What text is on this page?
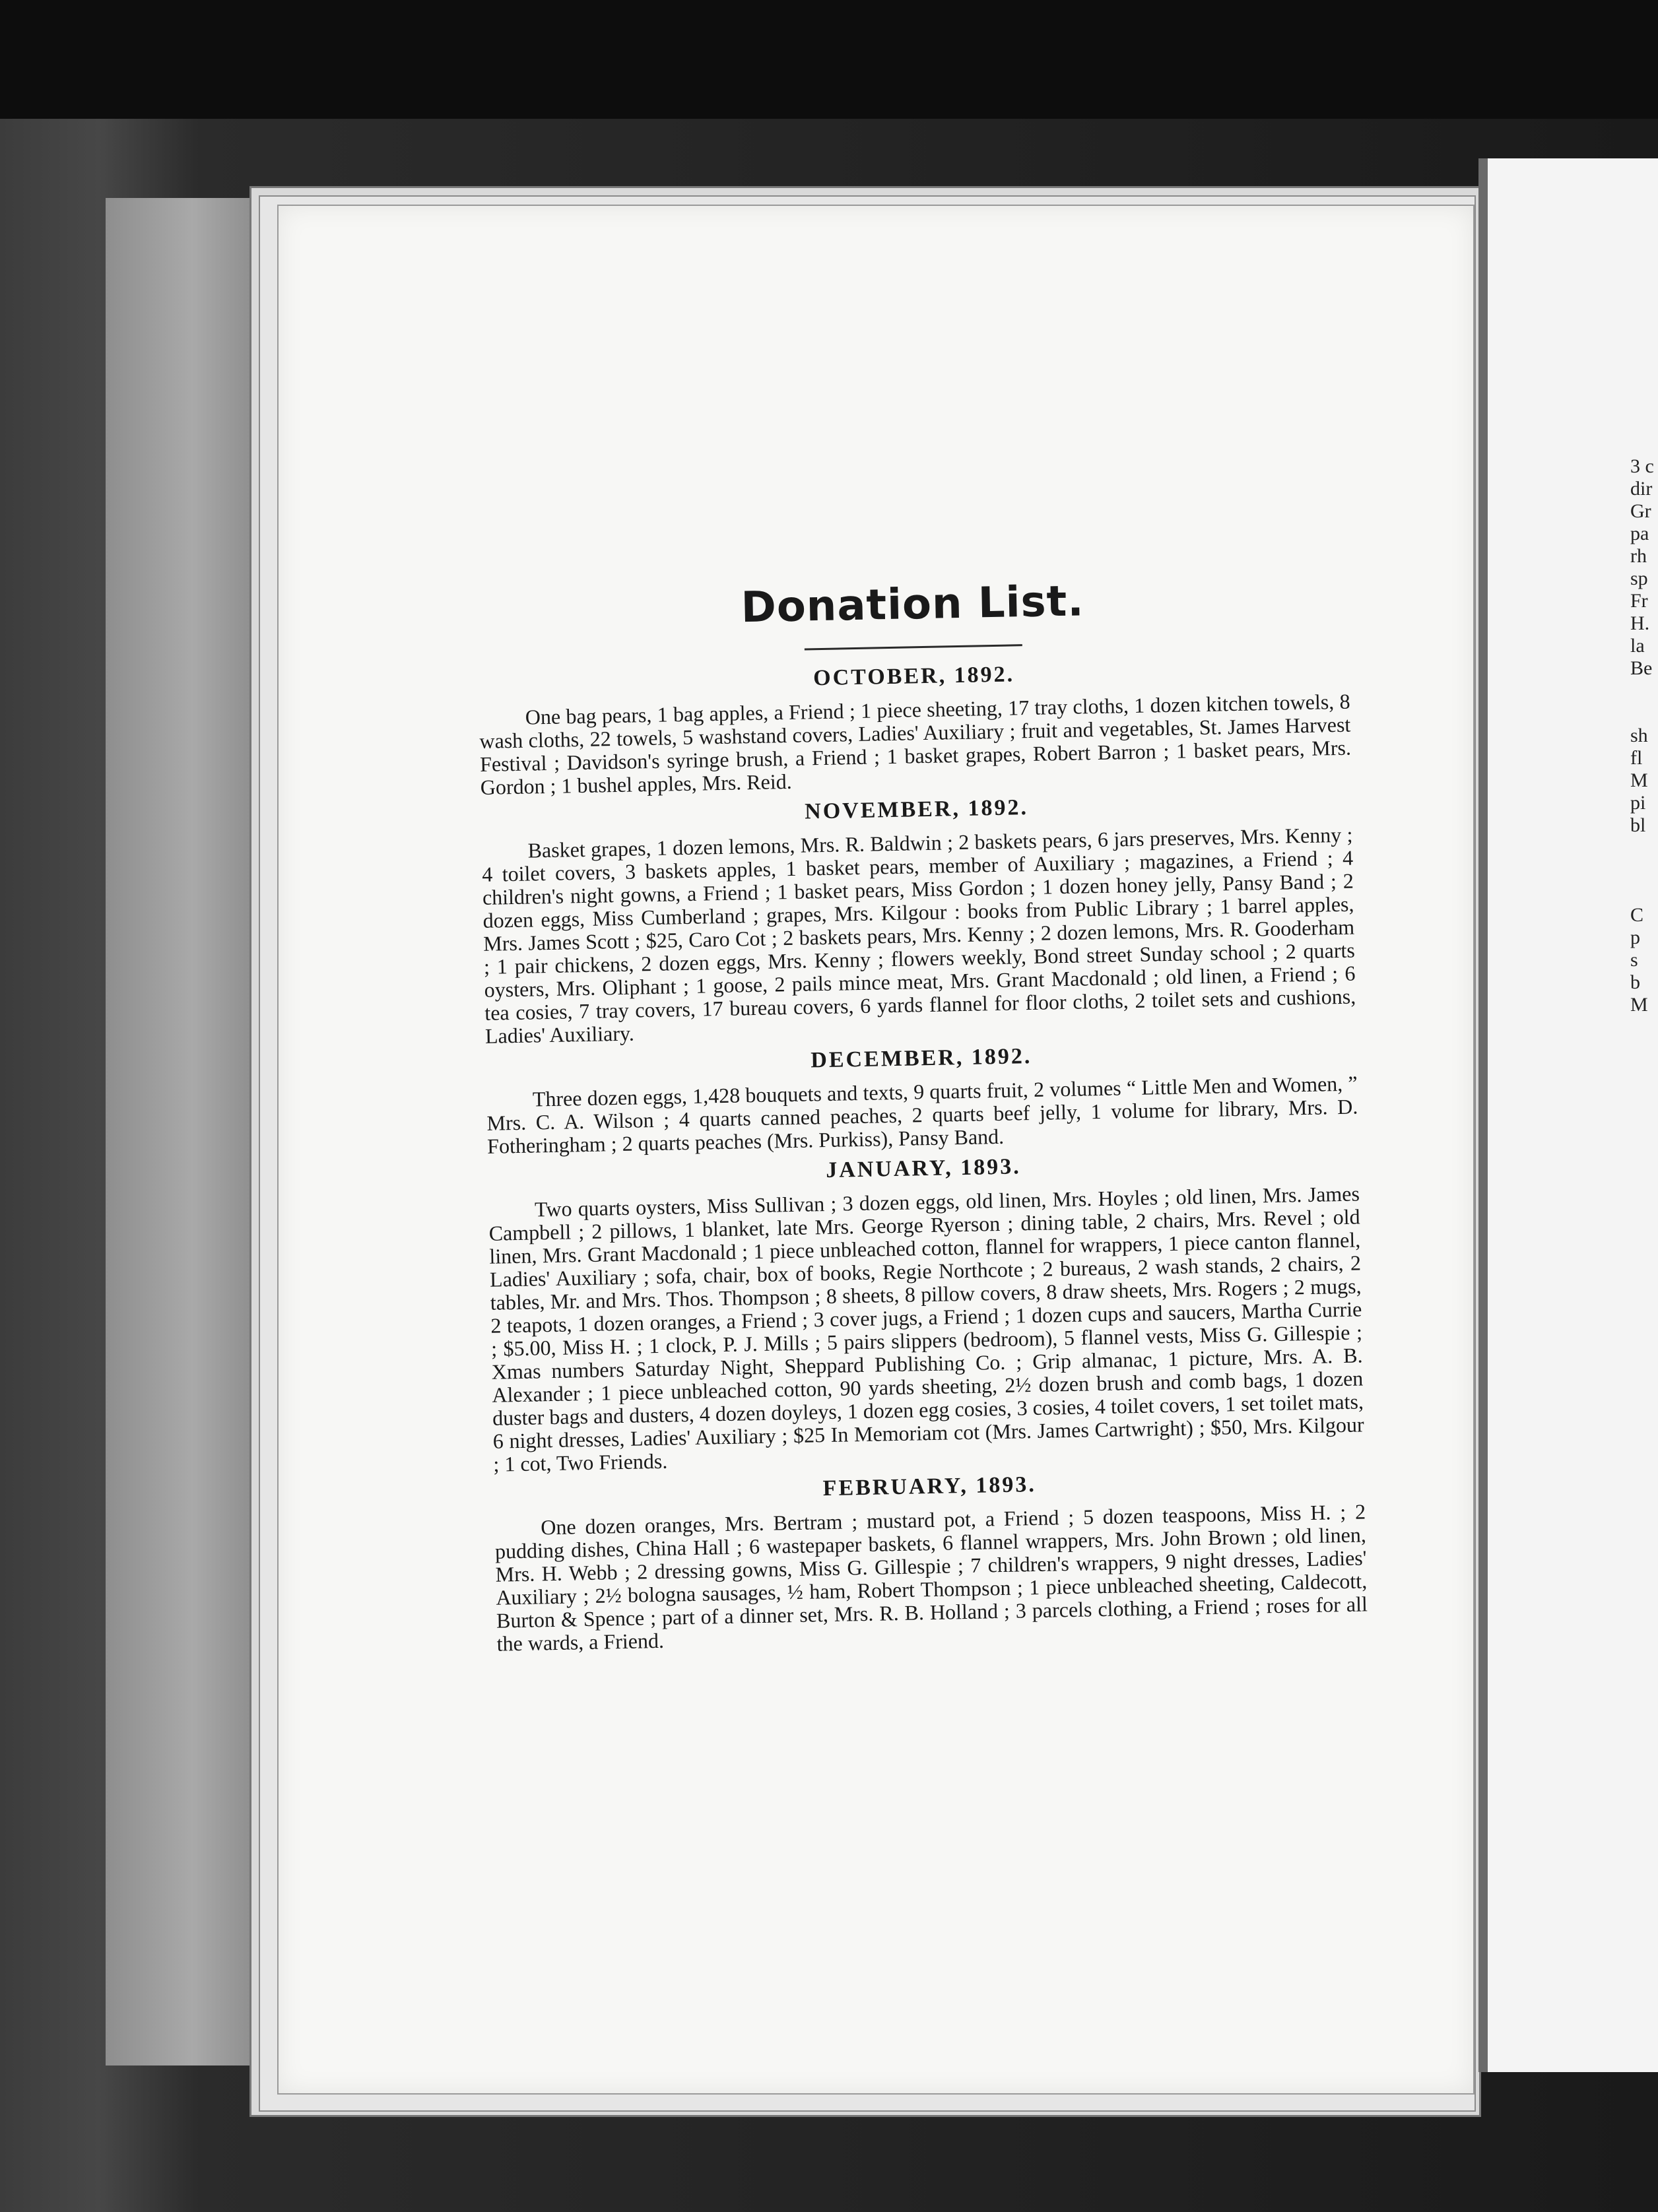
3 c
dir
Gr
pa
rh
sp
Fr
H.
la
Be

sh
fl
M
pi
bl

C
p
s
b
M
Donation List.
OCTOBER, 1892.

One bag pears, 1 bag apples, a Friend ; 1 piece sheeting, 17 tray cloths, 1 dozen kitchen towels, 8 wash cloths, 22 towels, 5 washstand covers, Ladies' Auxiliary ; fruit and vegetables, St. James Harvest Festival ; Davidson's syringe brush, a Friend ; 1 basket grapes, Robert Barron ; 1 basket pears, Mrs. Gordon ; 1 bushel apples, Mrs. Reid.

NOVEMBER, 1892.

Basket grapes, 1 dozen lemons, Mrs. R. Baldwin ; 2 baskets pears, 6 jars preserves, Mrs. Kenny ; 4 toilet covers, 3 baskets apples, 1 basket pears, member of Auxiliary ; magazines, a Friend ; 4 children's night gowns, a Friend ; 1 basket pears, Miss Gordon ; 1 dozen honey jelly, Pansy Band ; 2 dozen eggs, Miss Cumberland ; grapes, Mrs. Kilgour : books from Public Library ; 1 barrel apples, Mrs. James Scott ; $25, Caro Cot ; 2 baskets pears, Mrs. Kenny ; 2 dozen lemons, Mrs. R. Gooderham ; 1 pair chickens, 2 dozen eggs, Mrs. Kenny ; flowers weekly, Bond street Sunday school ; 2 quarts oysters, Mrs. Oliphant ; 1 goose, 2 pails mince meat, Mrs. Grant Macdonald ; old linen, a Friend ; 6 tea cosies, 7 tray covers, 17 bureau covers, 6 yards flannel for floor cloths, 2 toilet sets and cushions, Ladies' Auxiliary.

DECEMBER, 1892.

Three dozen eggs, 1,428 bouquets and texts, 9 quarts fruit, 2 volumes “ Little Men and Women, ” Mrs. C. A. Wilson ; 4 quarts canned peaches, 2 quarts beef jelly, 1 volume for library, Mrs. D. Fotheringham ; 2 quarts peaches (Mrs. Purkiss), Pansy Band.

JANUARY, 1893.

Two quarts oysters, Miss Sullivan ; 3 dozen eggs, old linen, Mrs. Hoyles ; old linen, Mrs. James Campbell ; 2 pillows, 1 blanket, late Mrs. George Ryerson ; dining table, 2 chairs, Mrs. Revel ; old linen, Mrs. Grant Macdonald ; 1 piece unbleached cotton, flannel for wrappers, 1 piece canton flannel, Ladies' Auxiliary ; sofa, chair, box of books, Regie Northcote ; 2 bureaus, 2 wash stands, 2 chairs, 2 tables, Mr. and Mrs. Thos. Thompson ; 8 sheets, 8 pillow covers, 8 draw sheets, Mrs. Rogers ; 2 mugs, 2 teapots, 1 dozen oranges, a Friend ; 3 cover jugs, a Friend ; 1 dozen cups and saucers, Martha Currie ; $5.00, Miss H. ; 1 clock, P. J. Mills ; 5 pairs slippers (bedroom), 5 flannel vests, Miss G. Gillespie ; Xmas numbers Saturday Night, Sheppard Publishing Co. ; Grip almanac, 1 picture, Mrs. A. B. Alexander ; 1 piece unbleached cotton, 90 yards sheeting, 2½ dozen brush and comb bags, 1 dozen duster bags and dusters, 4 dozen doyleys, 1 dozen egg cosies, 3 cosies, 4 toilet covers, 1 set toilet mats, 6 night dresses, Ladies' Auxiliary ; $25 In Memoriam cot (Mrs. James Cartwright) ; $50, Mrs. Kilgour ; 1 cot, Two Friends.

FEBRUARY, 1893.

One dozen oranges, Mrs. Bertram ; mustard pot, a Friend ; 5 dozen teaspoons, Miss H. ; 2 pudding dishes, China Hall ; 6 wastepaper baskets, 6 flannel wrappers, Mrs. John Brown ; old linen, Mrs. H. Webb ; 2 dressing gowns, Miss G. Gillespie ; 7 children's wrappers, 9 night dresses, Ladies' Auxiliary ; 2½ bologna sausages, ½ ham, Robert Thompson ; 1 piece unbleached sheeting, Caldecott, Burton & Spence ; part of a dinner set, Mrs. R. B. Holland ; 3 parcels clothing, a Friend ; roses for all the wards, a Friend.
